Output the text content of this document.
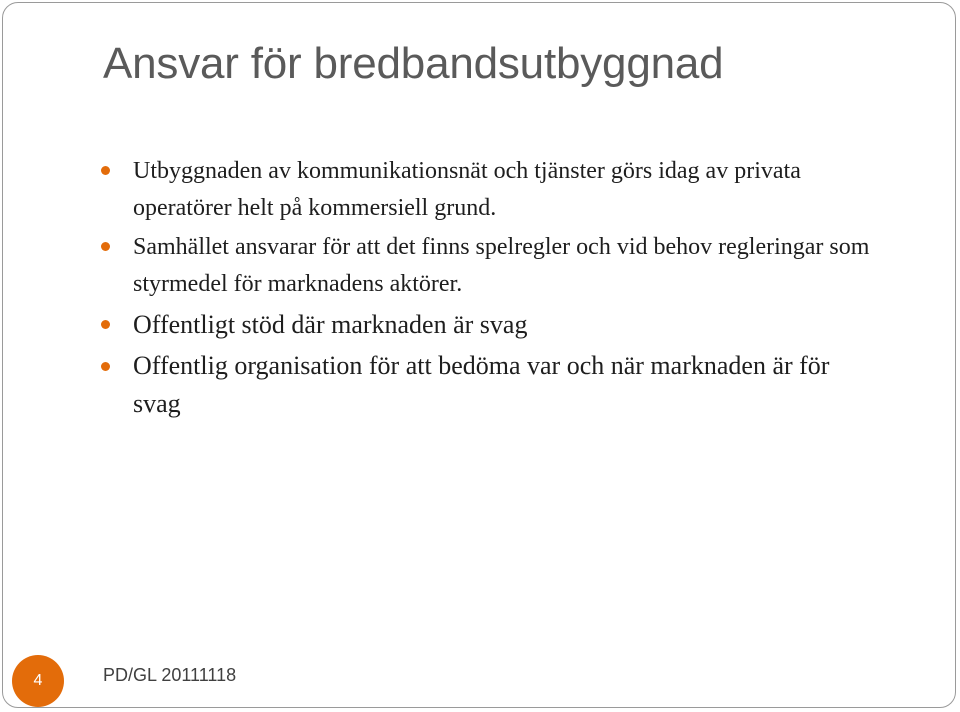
Ansvar för bredbandsutbyggnad
Utbyggnaden av kommunikationsnät och tjänster görs idag av privata operatörer helt på kommersiell grund.
Samhället ansvarar för att det finns spelregler och vid behov regleringar som styrmedel för marknadens aktörer.
Offentligt stöd där marknaden är svag
Offentlig organisation för att bedöma var och när marknaden är för svag
4	PD/GL 20111118
